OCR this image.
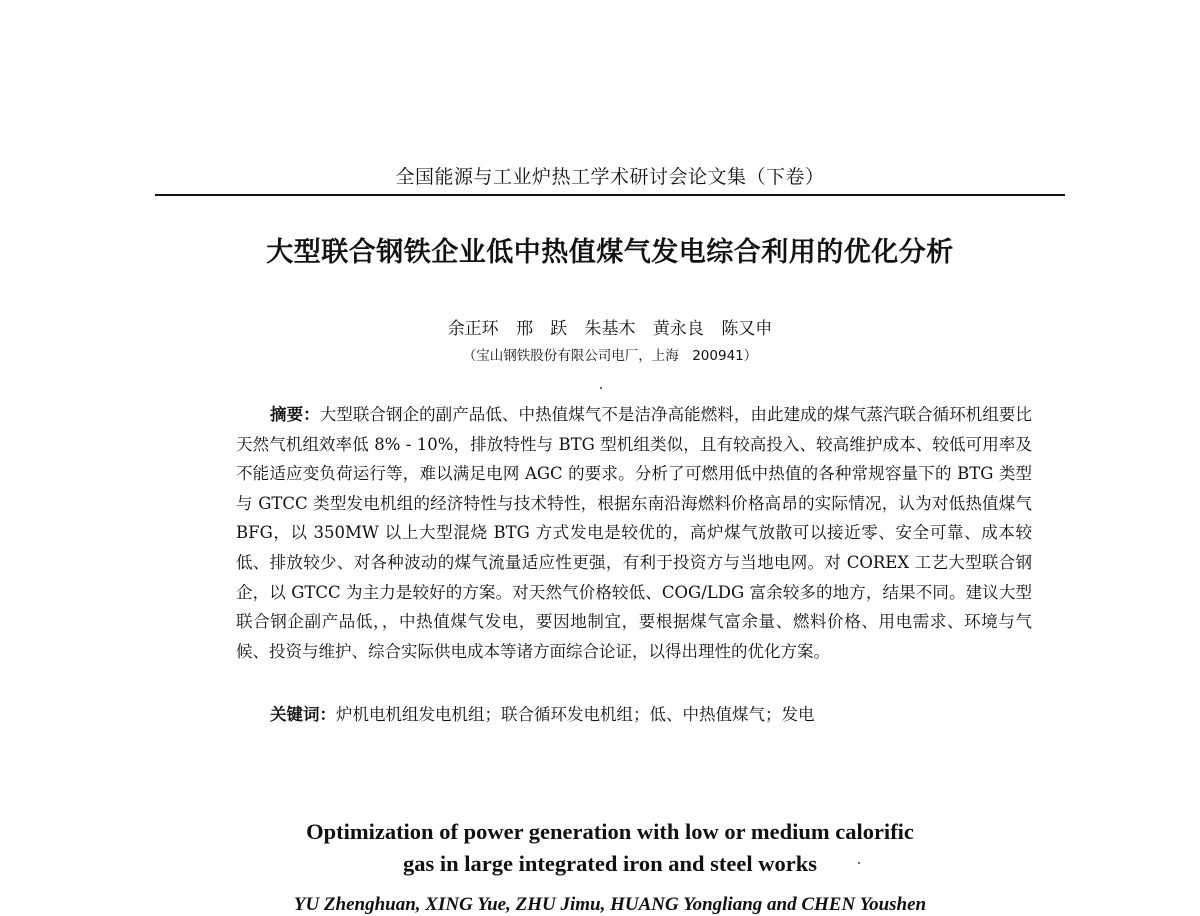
全国能源与工业炉热工学术研讨会论文集（下卷）
大型联合钢铁企业低中热值煤气发电综合利用的优化分析
余正环 邢　跃 朱基木 黄永良 陈又申
（宝山钢铁股份有限公司电厂，上海　200941）
摘要：大型联合钢企的副产品低、中热值煤气不是洁净高能燃料，由此建成的煤气蒸汽联合循环机组要比天然气机组效率低 8% - 10%，排放特性与 BTG 型机组类似，且有较高投入、较高维护成本、较低可用率及不能适应变负荷运行等，难以满足电网 AGC 的要求。分析了可燃用低中热值的各种常规容量下的 BTG 类型与 GTCC 类型发电机组的经济特性与技术特性，根据东南沿海燃料价格高昂的实际情况，认为对低热值煤气 BFG，以 350MW 以上大型混烧 BTG 方式发电是较优的，高炉煤气放散可以接近零、安全可靠、成本较低、排放较少、对各种波动的煤气流量适应性更强，有利于投资方与当地电网。对 COREX 工艺大型联合钢企，以 GTCC 为主力是较好的方案。对天然气价格较低、COG/LDG 富余较多的地方，结果不同。建议大型联合钢企副产品低，，中热值煤气发电，要因地制宜，要根据煤气富余量、燃料价格、用电需求、环境与气候、投资与维护、综合实际供电成本等诸方面综合论证，以得出理性的优化方案。
关键词：炉机电机组发电机组；联合循环发电机组；低、中热值煤气；发电
Optimization of power generation with low or medium calorific
gas in large integrated iron and steel works
YU Zhenghuan, XING Yue, ZHU Jimu, HUANG Yongliang and CHEN Youshen
